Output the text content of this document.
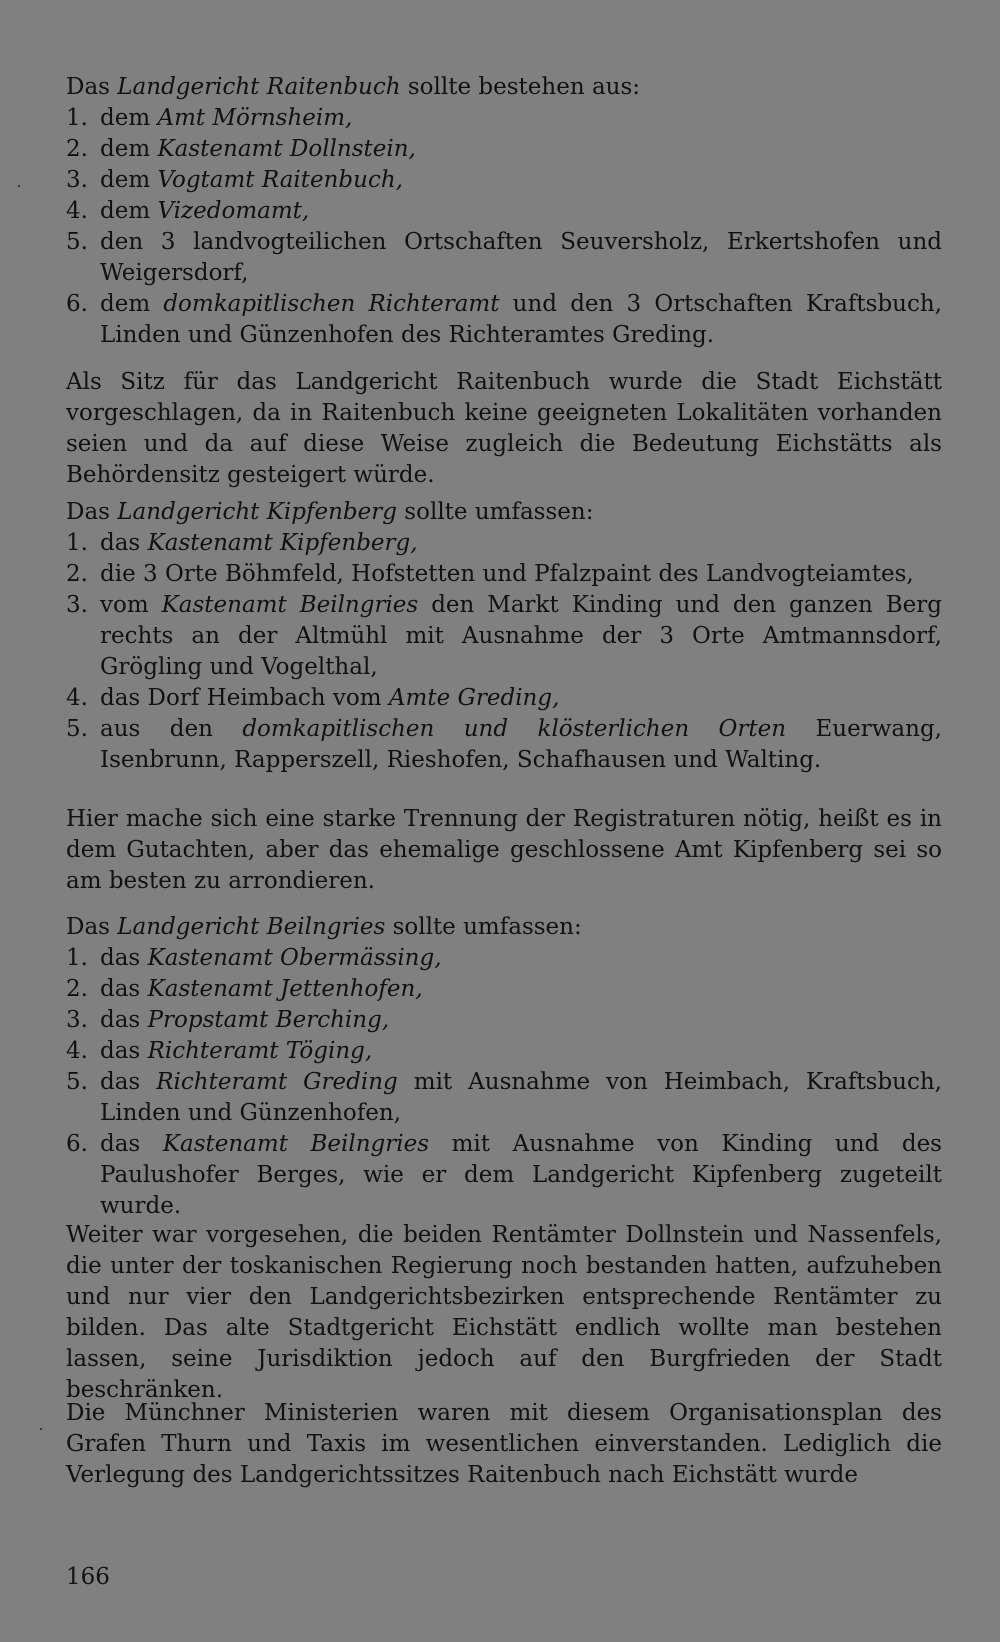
Das Landgericht Raitenbuch sollte bestehen aus:
1. dem Amt Mörnsheim,
2. dem Kastenamt Dollnstein,
3. dem Vogtamt Raitenbuch,
4. dem Vizedomamt,
5. den 3 landvogteilichen Ortschaften Seuversholz, Erkertshofen und Weigersdorf,
6. dem domkapitlischen Richteramt und den 3 Ortschaften Kraftsbuch, Linden und Günzenhofen des Richteramtes Greding.
Als Sitz für das Landgericht Raitenbuch wurde die Stadt Eichstätt vorgeschlagen, da in Raitenbuch keine geeigneten Lokalitäten vorhanden seien und da auf diese Weise zugleich die Bedeutung Eichstätts als Behördensitz gesteigert würde.
Das Landgericht Kipfenberg sollte umfassen:
1. das Kastenamt Kipfenberg,
2. die 3 Orte Böhmfeld, Hofstetten und Pfalzpaint des Landvogteiamtes,
3. vom Kastenamt Beilngries den Markt Kinding und den ganzen Berg rechts an der Altmühl mit Ausnahme der 3 Orte Amtmannsdorf, Grögling und Vogelthal,
4. das Dorf Heimbach vom Amte Greding,
5. aus den domkapitlischen und klösterlichen Orten Euerwang, Isenbrunn, Rapperszell, Rieshofen, Schafhausen und Walting.
Hier mache sich eine starke Trennung der Registraturen nötig, heißt es in dem Gutachten, aber das ehemalige geschlossene Amt Kipfenberg sei so am besten zu arrondieren.
Das Landgericht Beilngries sollte umfassen:
1. das Kastenamt Obermässing,
2. das Kastenamt Jettenhofen,
3. das Propstamt Berching,
4. das Richteramt Töging,
5. das Richteramt Greding mit Ausnahme von Heimbach, Kraftsbuch, Linden und Günzenhofen,
6. das Kastenamt Beilngries mit Ausnahme von Kinding und des Paulushofer Berges, wie er dem Landgericht Kipfenberg zugeteilt wurde.
Weiter war vorgesehen, die beiden Rentämter Dollnstein und Nassenfels, die unter der toskanischen Regierung noch bestanden hatten, aufzuheben und nur vier den Landgerichtsbezirken entsprechende Rentämter zu bilden. Das alte Stadtgericht Eichstätt endlich wollte man bestehen lassen, seine Jurisdiktion jedoch auf den Burgfrieden der Stadt beschränken.
Die Münchner Ministerien waren mit diesem Organisationsplan des Grafen Thurn und Taxis im wesentlichen einverstanden. Lediglich die Verlegung des Landgerichtssitzes Raitenbuch nach Eichstätt wurde
166
